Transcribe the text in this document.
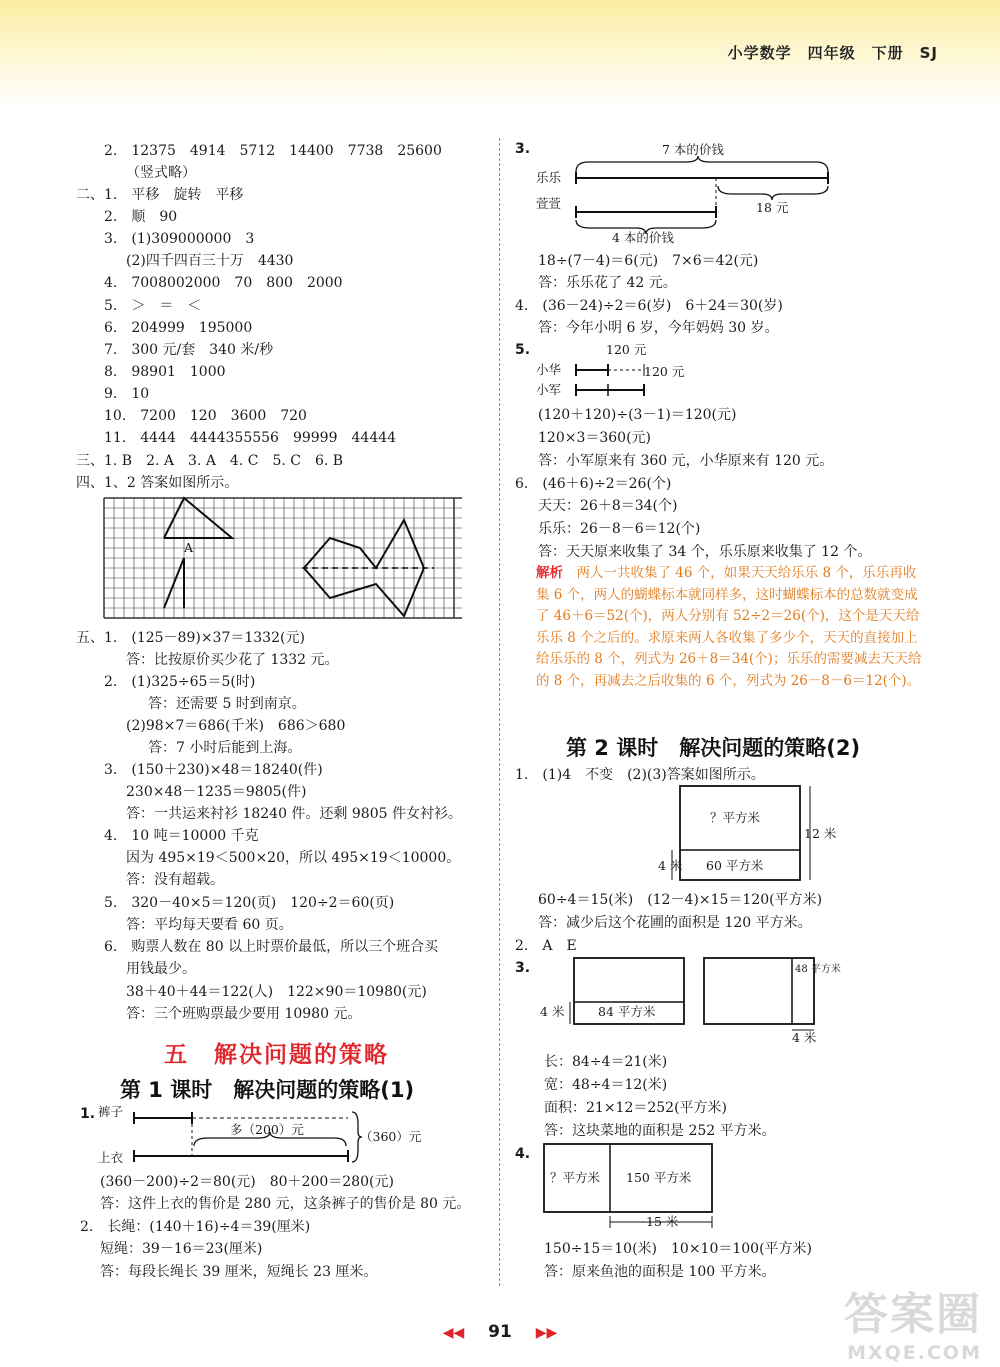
小学数学　四年级　下册　SJ
2.　12375　4914　5712　14400　7738　25600
（竖式略）
二、1.　平移　旋转　平移
2.　顺　90
3.　(1)309000000　3
(2)四千四百三十万　4430
4.　7008002000　70　800　2000
5.　＞　＝　＜
6.　204999　195000
7.　300 元/套　340 米/秒
8.　98901　1000
9.　10
10.　7200　120　3600　720
11.　4444　4444355556　99999　44444
三、1. B　2. A　3. A　4. C　5. C　6. B
四、1、2 答案如图所示。
A
五、1.　(125－89)×37＝1332(元)
答：比按原价买少花了 1332 元。
2.　(1)325÷65＝5(时)
答：还需要 5 时到南京。
(2)98×7＝686(千米)　686＞680
答：7 小时后能到上海。
3.　(150＋230)×48＝18240(件)
230×48－1235＝9805(件)
答：一共运来衬衫 18240 件。还剩 9805 件女衬衫。
4.　10 吨＝10000 千克
因为 495×19＜500×20，所以 495×19＜10000。
答：没有超载。
5.　320－40×5＝120(页)　120÷2＝60(页)
答：平均每天要看 60 页。
6.　购票人数在 80 以上时票价最低，所以三个班合买
用钱最少。
38＋40＋44＝122(人)　122×90＝10980(元)
答：三个班购票最少要用 10980 元。
五　解决问题的策略
第 1 课时　解决问题的策略(1)
1. 裤子
上衣
多（200）元	（360）元
(360－200)÷2＝80(元)　80＋200＝280(元)
答：这件上衣的售价是 280 元，这条裤子的售价是 80 元。
2.　长绳：(140＋16)÷4＝39(厘米)
短绳：39－16＝23(厘米)
答：每段长绳长 39 厘米，短绳长 23 厘米。
3.	7 本的价钱
乐乐
萱萱	18 元
4 本的价钱
18÷(7－4)＝6(元)　7×6＝42(元)
答：乐乐花了 42 元。
4.　(36－24)÷2＝6(岁)　6＋24＝30(岁)
答：今年小明 6 岁，今年妈妈 30 岁。
5.	120 元
小华	120 元
小军
(120＋120)÷(3－1)＝120(元)
120×3＝360(元)
答：小军原来有 360 元，小华原来有 120 元。
6.　(46＋6)÷2＝26(个)
天天：26＋8＝34(个)
乐乐：26－8－6＝12(个)
答：天天原来收集了 34 个，乐乐原来收集了 12 个。
解析　 两人一共收集了 46 个，如果天天给乐乐 8 个，乐乐再收集 6 个，两人的蝴蝶标本就同样多，这时蝴蝶标本的总数就变成了 46＋6＝52(个)，两人分别有 52÷2＝26(个)，这个是天天给乐乐 8 个之后的。求原来两人各收集了多少个，天天的直接加上给乐乐的 8 个，列式为 26＋8＝34(个)；乐乐的需要减去天天给的 8 个，再减去之后收集的 6 个，列式为 26－8－6＝12(个)。
第 2 课时　解决问题的策略(2)
1.　(1)4　不变　(2)(3)答案如图所示。
？平方米
60 平方米
4 米
12 米
60÷4＝15(米)　(12－4)×15＝120(平方米)
答：减少后这个花圃的面积是 120 平方米。
2.　A　E
3.
4 米	84 平方米
48 平方米
4 米
长：84÷4＝21(米)
宽：48÷4＝12(米)
面积：21×12＝252(平方米)
答：这块菜地的面积是 252 平方米。
4.
？平方米 150 平方米
15 米
150÷15＝10(米)　10×10＝100(平方米)
答：原来鱼池的面积是 100 平方米。
◀◀ 91 ▶▶	答案圈
MXQE.COM
